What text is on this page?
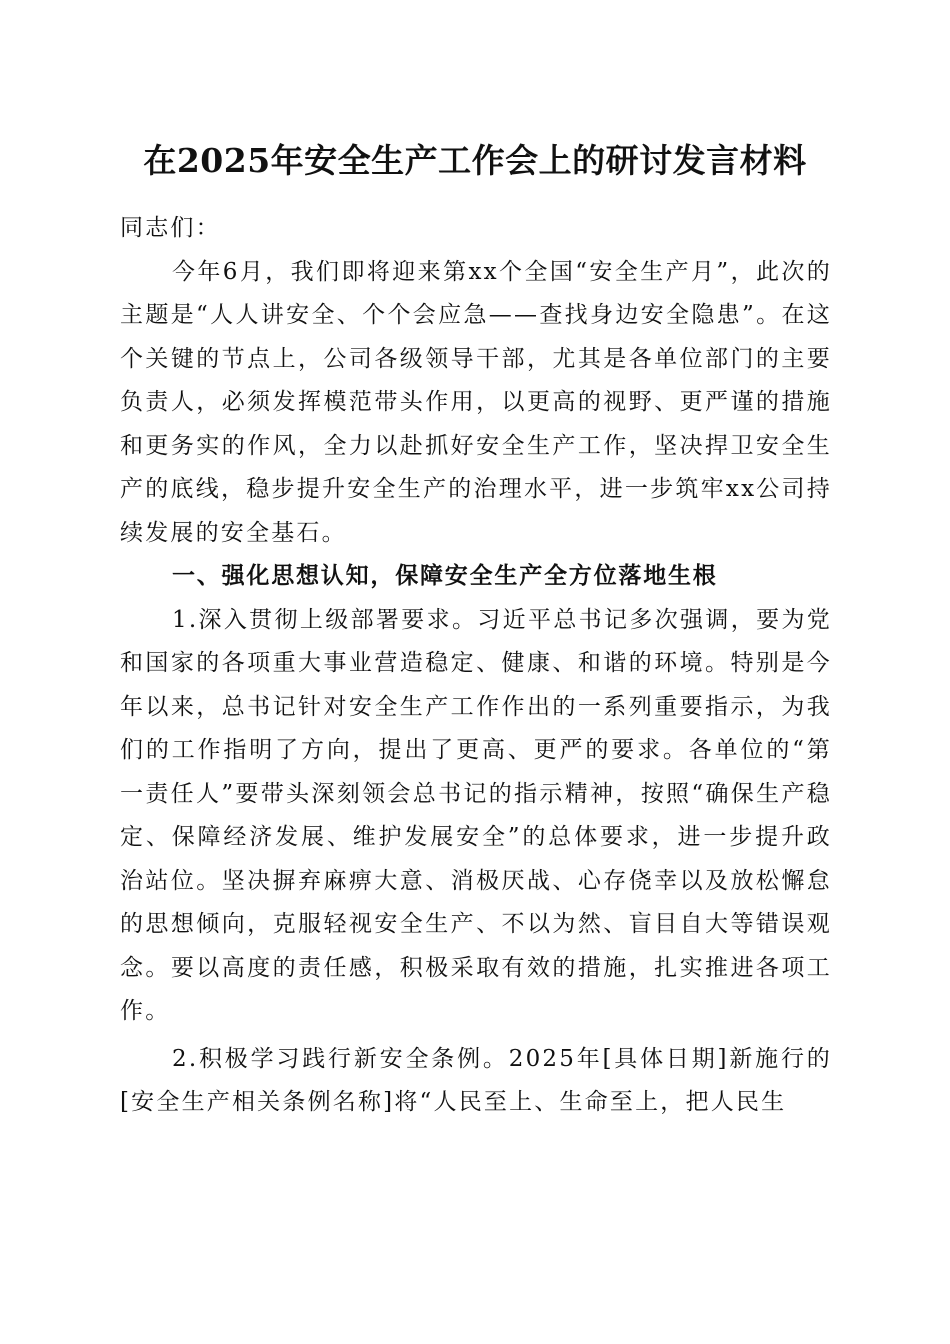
在2025年安全生产工作会上的研讨发言材料

同志们：

今年6月，我们即将迎来第xx个全国“安全生产月”，此次的主题是“人人讲安全、个个会应急——查找身边安全隐患”。在这个关键的节点上，公司各级领导干部，尤其是各单位部门的主要负责人，必须发挥模范带头作用，以更高的视野、更严谨的措施和更务实的作风，全力以赴抓好安全生产工作，坚决捍卫安全生产的底线，稳步提升安全生产的治理水平，进一步筑牢xx公司持续发展的安全基石。

一、强化思想认知，保障安全生产全方位落地生根

1.深入贯彻上级部署要求。习近平总书记多次强调，要为党和国家的各项重大事业营造稳定、健康、和谐的环境。特别是今年以来，总书记针对安全生产工作作出的一系列重要指示，为我们的工作指明了方向，提出了更高、更严的要求。各单位的“第一责任人”要带头深刻领会总书记的指示精神，按照“确保生产稳定、保障经济发展、维护发展安全”的总体要求，进一步提升政治站位。坚决摒弃麻痹大意、消极厌战、心存侥幸以及放松懈怠的思想倾向，克服轻视安全生产、不以为然、盲目自大等错误观念。要以高度的责任感，积极采取有效的措施，扎实推进各项工作。

2.积极学习践行新安全条例。2025年[具体日期]新施行的[安全生产相关条例名称]将“人民至上、生命至上，把人民生
